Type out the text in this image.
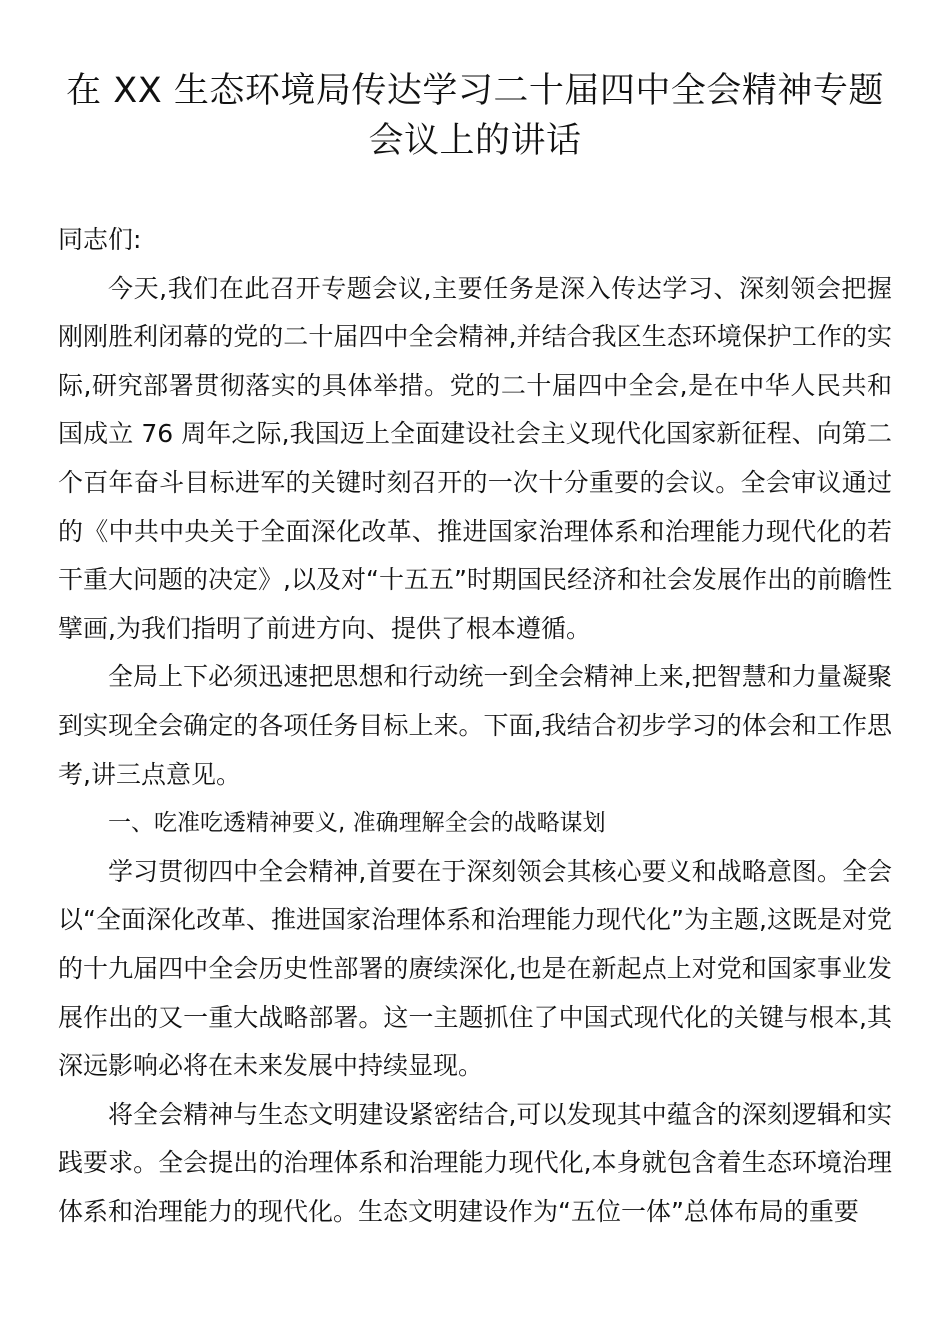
在 XX 生态环境局传达学习二十届四中全会精神专题会议上的讲话

同志们:

今天,我们在此召开专题会议,主要任务是深入传达学习、深刻领会把握刚刚胜利闭幕的党的二十届四中全会精神,并结合我区生态环境保护工作的实际,研究部署贯彻落实的具体举措。党的二十届四中全会,是在中华人民共和国成立 76 周年之际,我国迈上全面建设社会主义现代化国家新征程、向第二个百年奋斗目标进军的关键时刻召开的一次十分重要的会议。全会审议通过的《中共中央关于全面深化改革、推进国家治理体系和治理能力现代化的若干重大问题的决定》,以及对“十五五”时期国民经济和社会发展作出的前瞻性擘画,为我们指明了前进方向、提供了根本遵循。

全局上下必须迅速把思想和行动统一到全会精神上来,把智慧和力量凝聚到实现全会确定的各项任务目标上来。下面,我结合初步学习的体会和工作思考,讲三点意见。

一、吃准吃透精神要义, 准确理解全会的战略谋划

学习贯彻四中全会精神,首要在于深刻领会其核心要义和战略意图。全会以“全面深化改革、推进国家治理体系和治理能力现代化”为主题,这既是对党的十九届四中全会历史性部署的赓续深化,也是在新起点上对党和国家事业发展作出的又一重大战略部署。这一主题抓住了中国式现代化的关键与根本,其深远影响必将在未来发展中持续显现。

将全会精神与生态文明建设紧密结合,可以发现其中蕴含的深刻逻辑和实践要求。全会提出的治理体系和治理能力现代化,本身就包含着生态环境治理体系和治理能力的现代化。生态文明建设作为“五位一体”总体布局的重要
